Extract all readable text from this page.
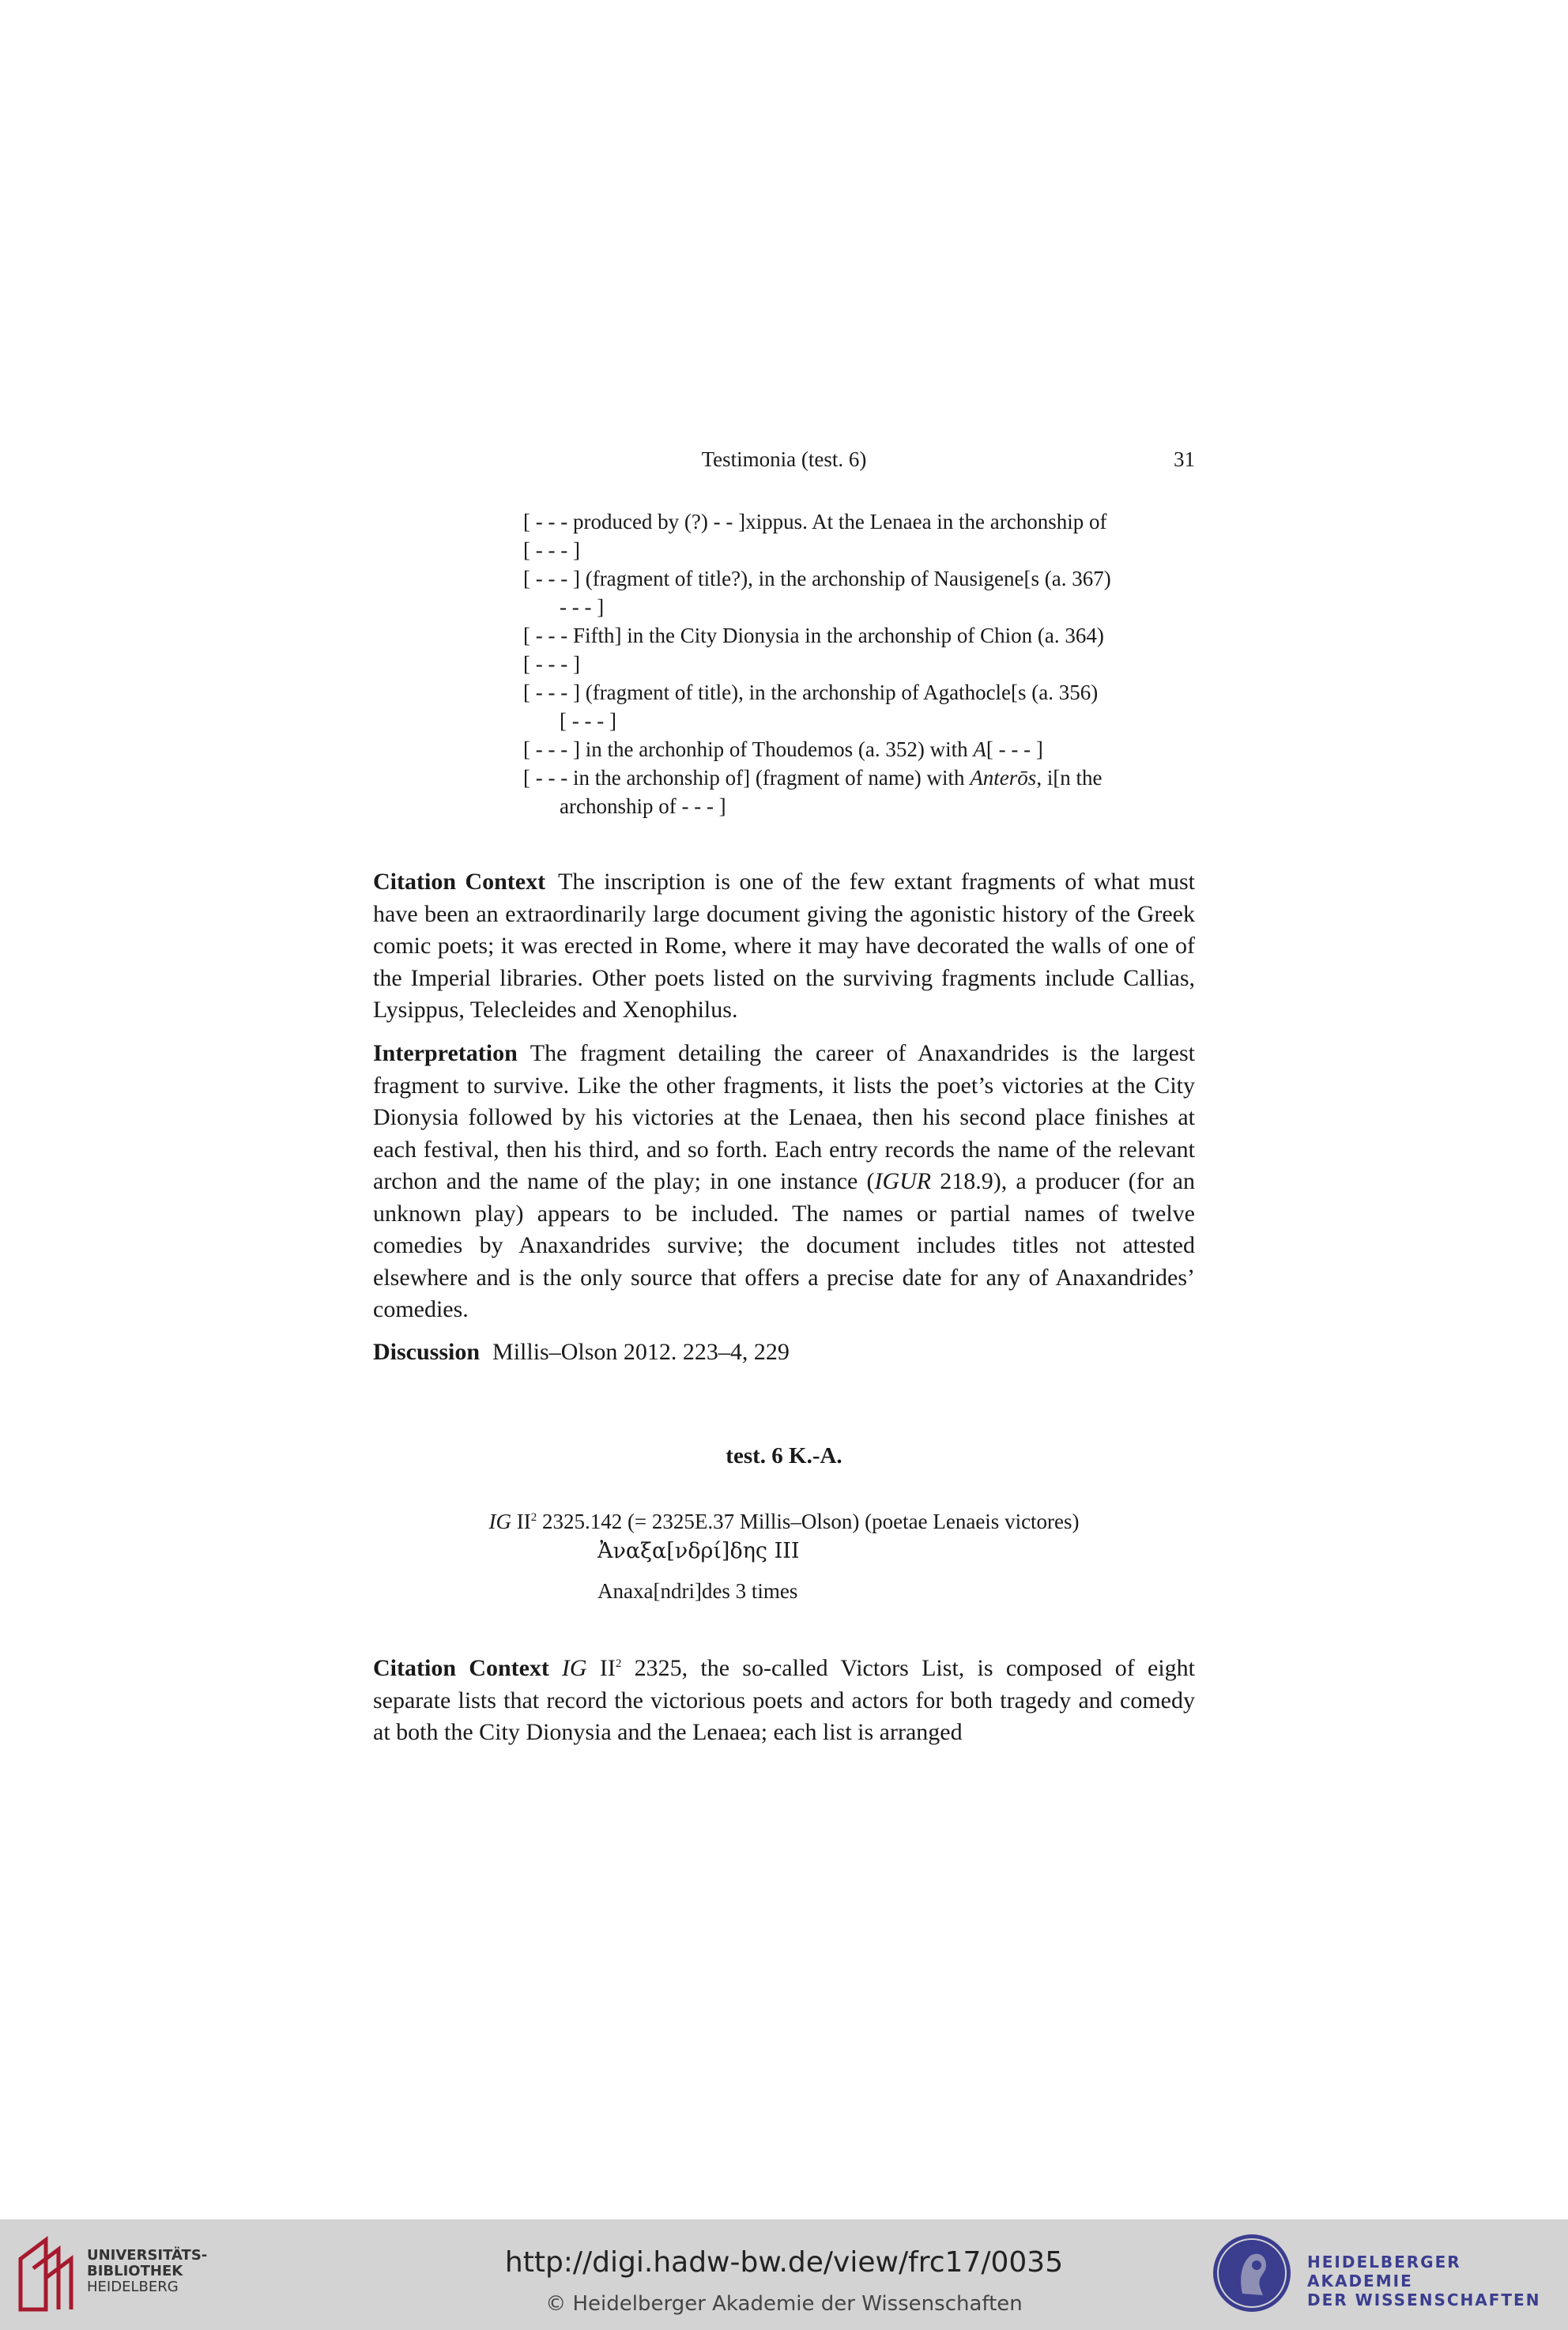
Testimonia (test. 6)	31
[ - - - produced by (?) - - ]xippus. At the Lenaea in the archonship of
[ - - - ]
[ - - - ] (fragment of title?), in the archonship of Nausigene[s (a. 367)
- - - ]
[ - - - Fifth] in the City Dionysia in the archonship of Chion (a. 364)
[ - - - ]
[ - - - ] (fragment of title), in the archonship of Agathocle[s (a. 356)
[ - - - ]
[ - - - ] in the archonhip of Thoudemos (a. 352) with A[ - - - ]
[ - - - in the archonship of] (fragment of name) with Anterōs, i[n the
archonship of - - - ]
Citation Context The inscription is one of the few extant fragments of what must have been an extraordinarily large document giving the agonistic history of the Greek comic poets; it was erected in Rome, where it may have decorated the walls of one of the Imperial libraries. Other poets listed on the surviving fragments include Callias, Lysippus, Telecleides and Xenophilus.
Interpretation The fragment detailing the career of Anaxandrides is the largest fragment to survive. Like the other fragments, it lists the poet’s victories at the City Dionysia followed by his victories at the Lenaea, then his second place finishes at each festival, then his third, and so forth. Each entry records the name of the relevant archon and the name of the play; in one instance (IGUR 218.9), a producer (for an unknown play) appears to be included. The names or partial names of twelve comedies by Anaxandrides survive; the document includes titles not attested elsewhere and is the only source that offers a precise date for any of Anaxandrides’ comedies.
Discussion Millis–Olson 2012. 223–4, 229
test. 6 K.-A.
IG $II^2$ 2325.142 (= 2325E.37 Millis–Olson) (poetae Lenaeis victores)
Ἀναξα[νδρί]δης III
Anaxa[ndri]des 3 times
Citation Context IG $II^2$ 2325, the so-called Victors List, is composed of eight separate lists that record the victorious poets and actors for both tragedy and comedy at both the City Dionysia and the Lenaea; each list is arranged
UNIVERSITÄTS-
BIBLIOTHEK
HEIDELBERG
http://digi.hadw-bw.de/view/frc17/0035
© Heidelberger Akademie der Wissenschaften
HEIDELBERGER AKADEMIE
DER WISSENSCHAFTEN
